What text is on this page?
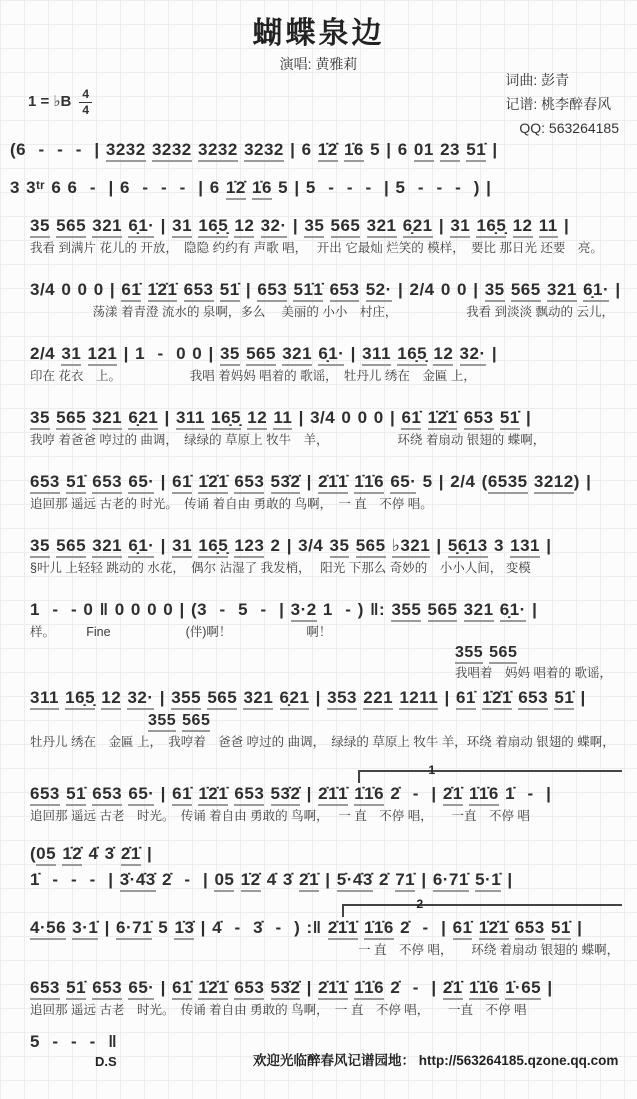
蝴蝶泉边
演唱: 黄雅莉
1 = ♭B $\frac{4}{4}$
词曲: 彭青
记谱: 桃李醉春风
QQ: 563264185
(6  -  -  -  | 3232 3232 3232 3232 | 6 1̇2̇ 1̇6 5 | 6 01 23 51̇ |
3 3ᵗʳ 6 6  -  | 6  -  -  -  | 6 1̇2̇ 1̇6 5 | 5  -  -  -  | 5  -  -  -  ) |
35 565 321 6̣1· | 31 16̣5̣ 12 32· | 35 565 321 6̣21 | 31 16̣5̣ 12 11 |
我看 到满片 花儿的 开放，　隐隐 约约有 声歌 唱，　 开出 它最灿 烂笑的 模样，　要比 那日光 还要　亮。
3/4 0 0 0 | 61̇ 1̇2̇1̇ 653 51̇ | 653 51̇1̇ 653 52· | 2/4 0 0 | 35 565 321 6̣1· |
　　　　　荡漾 着青澄 流水的 泉啊，多么　 美丽的 小小　村庄，　　　　　　我看 到淡淡 飘动的 云儿，
2/4 31 121 | 1  -  0 0 | 35 565 321 6̣1· | 311 16̣5̣ 12 32· |
印在 花衣　上。　　　　　　我唱 着妈妈 唱着的 歌谣，　牡丹儿 绣在　金匾 上，
35 565 321 6̣21 | 311 16̣5̣ 12 11 | 3/4 0 0 0 | 61̇ 1̇2̇1̇ 653 51̇ |
我哼 着爸爸 哼过的 曲调，　绿绿的 草原上 牧牛　羊，　　　　　　环绕 着扇动 银翅的 蝶啊，
653 51̇ 653 65· | 61̇ 1̇2̇1̇ 653 53̇2̇ | 2̇1̇1̇ 1̇1̇6 65· 5 | 2/4 (6535 3212) |
追回那 遥远 古老的 时光。　传诵 着自由 勇敢的 鸟啊，　一 直　不停 唱。
35 565 321 6̣1· | 31 16̣5̣ 123 2 | 3/4 35 565 ♭321 | 5̣6̣13 3 131 |
§叶儿 上轻轻 跳动的 水花，　偶尔 沾湿了 我发梢，　 阳光 下那么 奇妙的　小小人间， 变模
1  -  - 0 ‖ 0 0 0 0 | (3  -  5  -  | 3·2 1  - ) ‖: 355 565 321 6̣1· |
样。　　　Fine　　　　　　(伴)啊！　　　　　　啊！
355 565
我唱着　妈妈 唱着的 歌谣，
311 16̣5̣ 12 32· | 355 565 321 6̣21 | 353 221 1211 | 61̇ 1̇2̇1̇ 653 51̇ |
355 565
牡丹儿 绣在　金匾 上，　我哼着　爸爸 哼过的 曲调，　绿绿的 草原上 牧牛 羊，环绕 着扇动 银翅的 蝶啊，
1
653 51̇ 653 65· | 61̇ 1̇2̇1̇ 653 53̇2̇ | 2̇1̇1̇ 1̇1̇6 2̇  -  | 2̇1̇ 1̇1̇6 1̇  -  |
追回那 遥远 古老　时光。　传诵 着自由 勇敢的 鸟啊，　 一 直　不停 唱，　　一直　不停 唱
(05 1̇2̇ 4̇ 3̇ 2̇1̇ |
1̇  -  -  -  | 3̇·4̇3̇ 2̇  -  | 05 1̇2̇ 4̇ 3̇ 2̇1̇ | 5̇·4̇3̇ 2̇ 71̇ | 6·71̇ 5·1̇ |
2
4·56 3·1̇ | 6·71̇ 5 1̇3̇ | 4̇  -  3̇  -  ) :‖ 2̇1̇1̇ 1̇1̇6 2̇  -  | 61̇ 1̇2̇1̇ 653 51̇ |
一 直　不停 唱，　　环绕 着扇动 银翅的 蝶啊，
653 51̇ 653 65· | 61̇ 1̇2̇1̇ 653 53̇2̇ | 2̇1̇1̇ 1̇1̇6 2̇  -  | 2̇1̇ 1̇1̇6 1̇·65 |
追回那 遥远 古老　时光。　传诵 着自由 勇敢的 鸟啊，　一 直　不停 唱，　　一直　不停 唱
5  -  -  -  ‖
D.S	欢迎光临醉春风记谱园地： http://563264185.qzone.qq.com
